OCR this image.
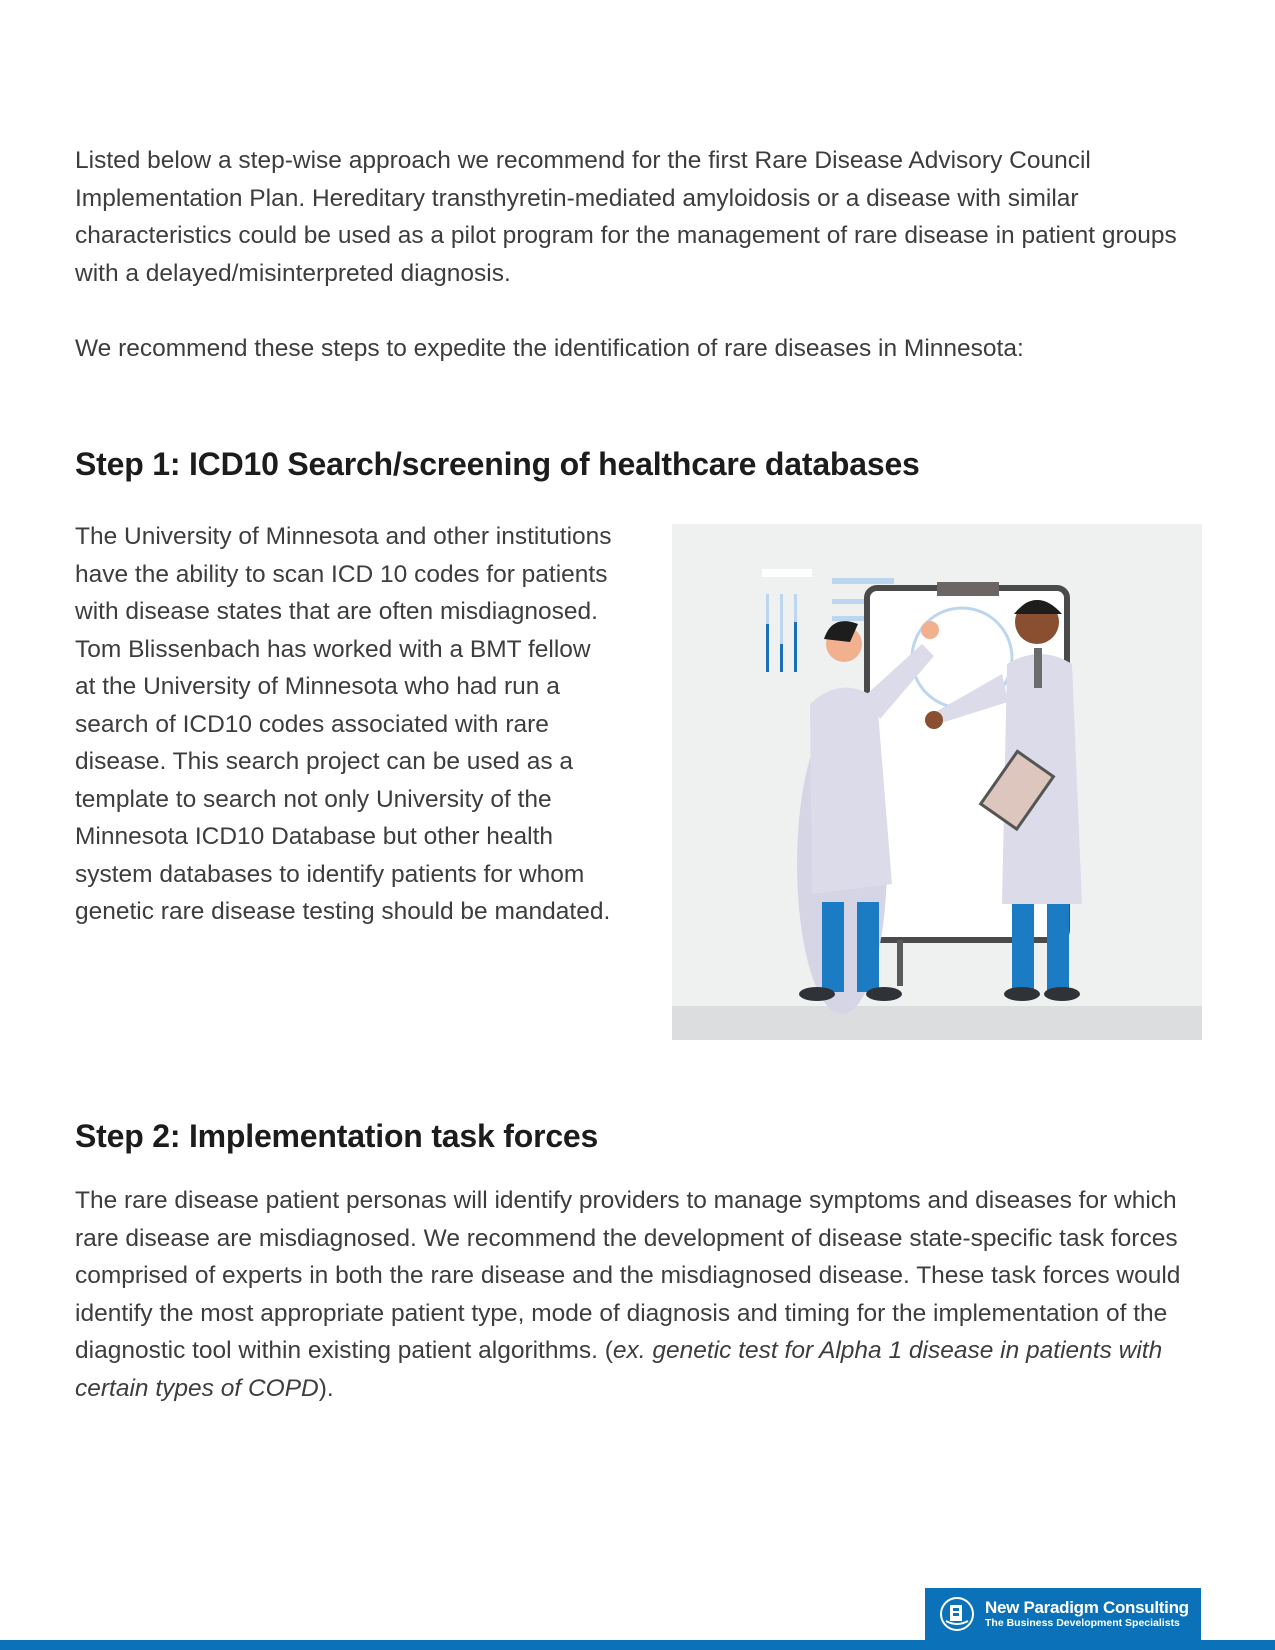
Listed below a step-wise approach we recommend for the first Rare Disease Advisory Council Implementation Plan. Hereditary transthyretin-mediated amyloidosis or a disease with similar characteristics could be used as a pilot program for the management of rare disease in patient groups with a delayed/misinterpreted diagnosis.

We recommend these steps to expedite the identification of rare diseases in Minnesota:

Step 1: ICD10 Search/screening of healthcare databases

The University of Minnesota and other institutions have the ability to scan ICD 10 codes for patients with disease states that are often misdiagnosed. Tom Blissenbach has worked with a BMT fellow at the University of Minnesota who had run a search of ICD10 codes associated with rare disease. This search project can be used as a template to search not only University of the Minnesota ICD10 Database but other health system databases to identify patients for whom genetic rare disease testing should be mandated.

Step 2: Implementation task forces

The rare disease patient personas will identify providers to manage symptoms and diseases for which rare disease are misdiagnosed. We recommend the development of disease state-specific task forces comprised of experts in both the rare disease and the misdiagnosed disease. These task forces would identify the most appropriate patient type, mode of diagnosis and timing for the implementation of the diagnostic tool within existing patient algorithms. (ex. genetic test for Alpha 1 disease in patients with certain types of COPD).

New Paradigm Consulting
The Business Development Specialists
